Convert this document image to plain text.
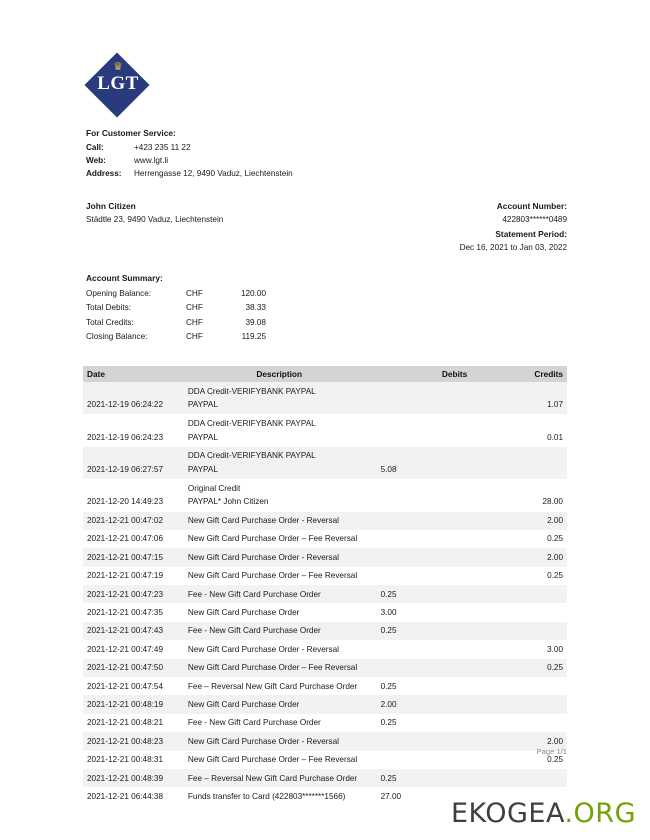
♛
LGT
For Customer Service:
Call:	+423 235 11 22
Web:	www.lgt.li
Address:	Herrengasse 12, 9490 Vaduz, Liechtenstein
John Citizen
Städtle 23, 9490 Vaduz, Liechtenstein
Account Number:
422803******0489
Statement Period:
Dec 16, 2021 to Jan 03, 2022
Account Summary:
Opening Balance:	CHF	120.00
Total Debits:	CHF	38.33
Total Credits:	CHF	39.08
Closing Balance:	CHF	119.25
Date	Description	Debits	Credits

2021-12-19 06:24:22	DDA Credit-VERIFYBANK PAYPAL
PAYPAL		1.07

2021-12-19 06:24:23	DDA Credit-VERIFYBANK PAYPAL
PAYPAL		0.01

2021-12-19 06:27:57	DDA Credit-VERIFYBANK PAYPAL
PAYPAL	5.08	

2021-12-20 14:49:23	Original Credit
PAYPAL* John Citizen		28.00

2021-12-21 00:47:02	New Gift Card Purchase Order - Reversal		2.00

2021-12-21 00:47:06	New Gift Card Purchase Order – Fee Reversal		0.25

2021-12-21 00:47:15	New Gift Card Purchase Order - Reversal		2.00

2021-12-21 00:47:19	New Gift Card Purchase Order – Fee Reversal		0.25

2021-12-21 00:47:23	Fee - New Gift Card Purchase Order	0.25	

2021-12-21 00:47:35	New Gift Card Purchase Order	3.00	

2021-12-21 00:47:43	Fee - New Gift Card Purchase Order	0.25	

2021-12-21 00:47:49	New Gift Card Purchase Order - Reversal		3.00

2021-12-21 00:47:50	New Gift Card Purchase Order – Fee Reversal		0.25

2021-12-21 00:47:54	Fee – Reversal New Gift Card Purchase Order	0.25	

2021-12-21 00:48:19	New Gift Card Purchase Order	2.00	

2021-12-21 00:48:21	Fee - New Gift Card Purchase Order	0.25	

2021-12-21 00:48:23	New Gift Card Purchase Order - Reversal		2.00

2021-12-21 00:48:31	New Gift Card Purchase Order – Fee Reversal		0.25

2021-12-21 00:48:39	Fee – Reversal New Gift Card Purchase Order	0.25	

2021-12-21 06:44:38	Funds transfer to Card (422803*******1566)	27.00	

Page 1/1
EKOGEA.ORG
